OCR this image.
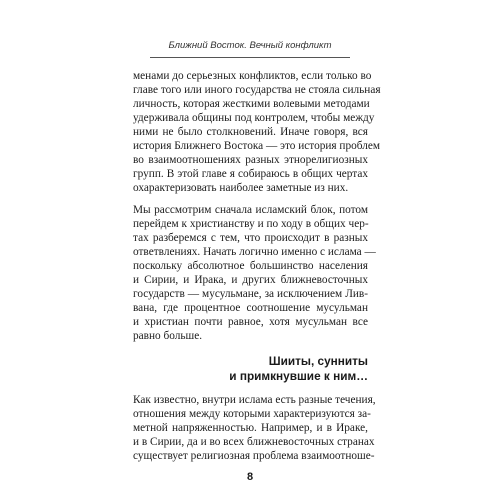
Ближний Восток. Вечный конфликт
менами до серьезных конфликтов, если только во
главе того или иного государства не стояла сильная
личность, которая жесткими волевыми методами
удерживала общины под контролем, чтобы между
ними не было столкновений. Иначе говоря, вся
история Ближнего Востока — это история проблем
во взаимоотношениях разных этнорелигиозных
групп. В этой главе я собираюсь в общих чертах
охарактеризовать наиболее заметные из них.
Мы рассмотрим сначала исламский блок, потом
перейдем к христианству и по ходу в общих чер-
тах разберемся с тем, что происходит в разных
ответвлениях. Начать логично именно с ислама —
поскольку абсолютное большинство населения
и Сирии, и Ирака, и других ближневосточных
государств — мусульмане, за исключением Лив-
вана, где процентное соотношение мусульман
и христиан почти равное, хотя мусульман все
равно больше.
Шииты, сунниты
и примкнувшие к ним…
Как известно, внутри ислама есть разные течения,
отношения между которыми характеризуются за-
метной напряженностью. Например, и в Ираке,
и в Сирии, да и во всех ближневосточных странах
существует религиозная проблема взаимоотноше-
8
